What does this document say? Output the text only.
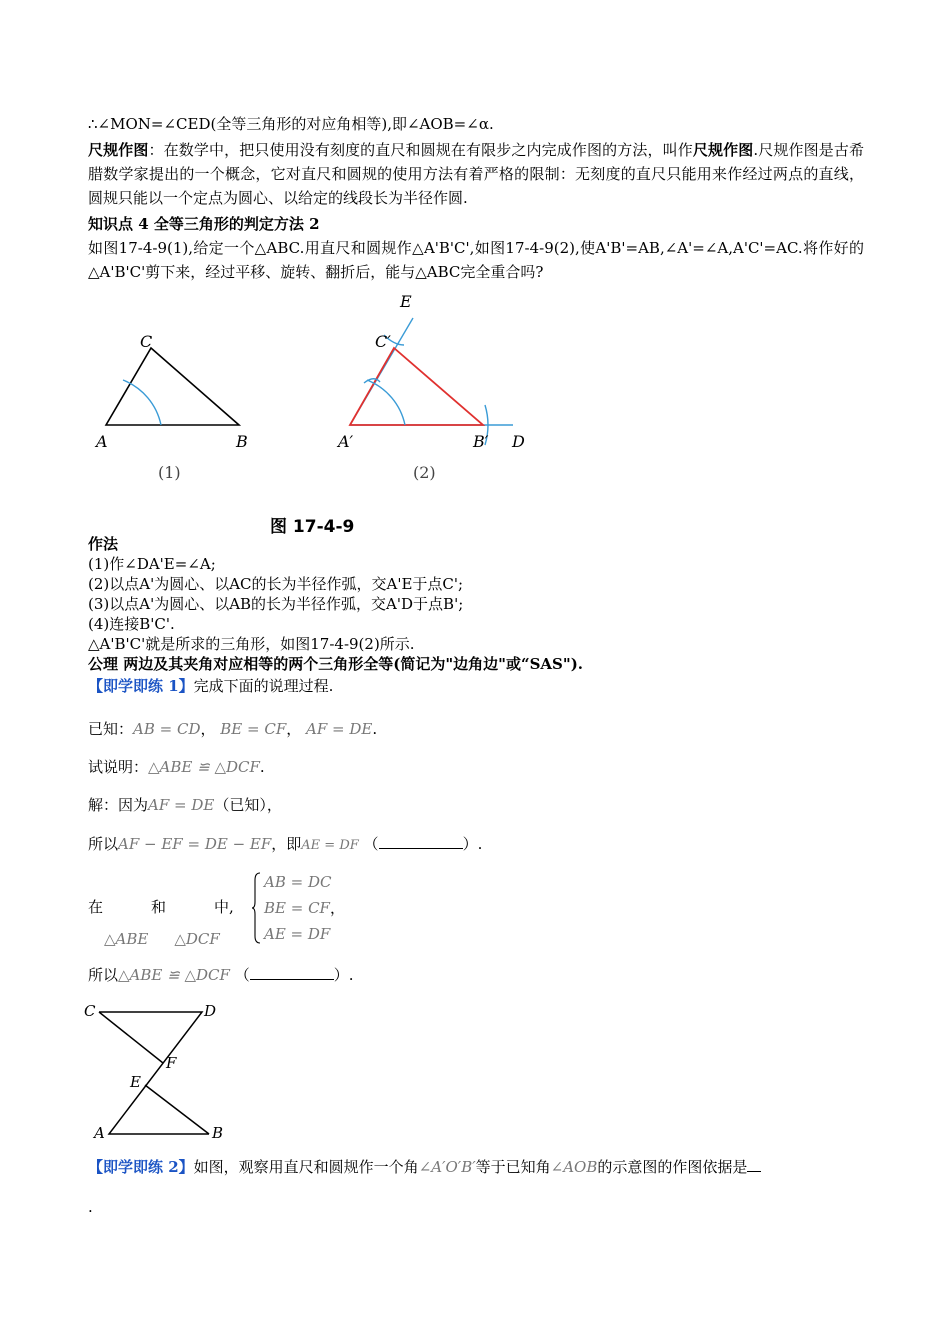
∴∠MON=∠CED(全等三角形的对应角相等),即∠AOB=∠α.
尺规作图：在数学中，把只使用没有刻度的直尺和圆规在有限步之内完成作图的方法，叫作尺规作图.尺规作图是古希腊数学家提出的一个概念，它对直尺和圆规的使用方法有着严格的限制：无刻度的直尺只能用来作经过两点的直线，圆规只能以一个定点为圆心、以给定的线段长为半径作圆.
知识点 4 全等三角形的判定方法 2
如图17-4-9(1),给定一个△ABC.用直尺和圆规作△A'B'C',如图17-4-9(2),使A'B'=AB,∠A'=∠A,A'C'=AC.将作好的△A'B'C'剪下来，经过平移、旋转、翻折后，能与△ABC完全重合吗?
C
A	B
(1)
E
C′
A′	B′ D
(2)
图 17-4-9
作法
(1)作∠DA'E=∠A;
(2)以点A'为圆心、以AC的长为半径作弧，交A'E于点C';
(3)以点A'为圆心、以AB的长为半径作弧，交A'D于点B';
(4)连接B'C'.
△A'B'C'就是所求的三角形，如图17-4-9(2)所示.
公理 两边及其夹角对应相等的两个三角形全等(简记为"边角边"或“SAS").
【即学即练 1】完成下面的说理过程.
已知：AB = CD， BE = CF， AF = DE.
试说明：△ABE ≌ △DCF.
解：因为AF = DE（已知），
所以AF − EF = DE − EF，即AE = DF （	）.
在	和	中,
△ABE △DCF
AB = DC
BE = CF ，
AE = DF
所以△ABE ≌ △DCF （	）.
C	D
F
E
A	B
【即学即练 2】如图，观察用直尺和圆规作一个角∠A′O′B′等于已知角∠AOB的示意图的作图依据是
.
